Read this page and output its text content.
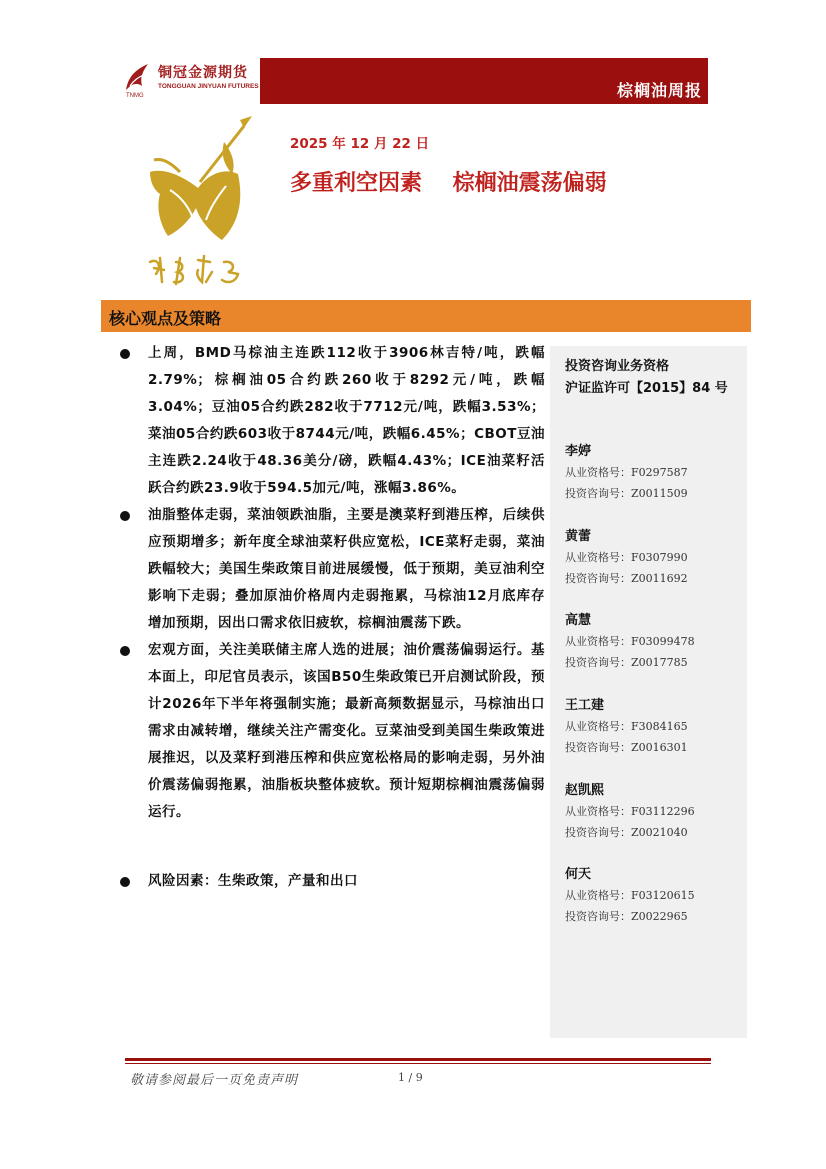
铜冠金源期货
TONGGUAN JINYUAN FUTURES
TNMG	棕榈油周报
2025 年 12 月 22 日
多重利空因素    棕榈油震荡偏弱
核心观点及策略
上周，BMD马棕油主连跌112收于3906林吉特/吨，跌幅2.79%；棕榈油05合约跌260收于8292元/吨，跌幅3.04%；豆油05合约跌282收于7712元/吨，跌幅3.53%；菜油05合约跌603收于8744元/吨，跌幅6.45%；CBOT豆油主连跌2.24收于48.36美分/磅，跌幅4.43%；ICE油菜籽活跃合约跌23.9收于594.5加元/吨，涨幅3.86%。
油脂整体走弱，菜油领跌油脂，主要是澳菜籽到港压榨，后续供应预期增多；新年度全球油菜籽供应宽松，ICE菜籽走弱，菜油跌幅较大；美国生柴政策目前进展缓慢，低于预期，美豆油利空影响下走弱；叠加原油价格周内走弱拖累，马棕油12月底库存增加预期，因出口需求依旧疲软，棕榈油震荡下跌。
宏观方面，关注美联储主席人选的进展；油价震荡偏弱运行。基本面上，印尼官员表示，该国B50生柴政策已开启测试阶段，预计2026年下半年将强制实施；最新高频数据显示，马棕油出口需求由减转增，继续关注产需变化。豆菜油受到美国生柴政策进展推迟，以及菜籽到港压榨和供应宽松格局的影响走弱，另外油价震荡偏弱拖累，油脂板块整体疲软。预计短期棕榈油震荡偏弱运行。
风险因素：生柴政策，产量和出口
投资咨询业务资格
沪证监许可【2015】84 号
李婷
从业资格号：F0297587
投资咨询号：Z0011509
黄蕾
从业资格号：F0307990
投资咨询号：Z0011692
高慧
从业资格号：F03099478
投资咨询号：Z0017785
王工建
从业资格号：F3084165
投资咨询号：Z0016301
赵凯熙
从业资格号：F03112296
投资咨询号：Z0021040
何天
从业资格号：F03120615
投资咨询号：Z0022965
敬请参阅最后一页免责声明	1 / 9
